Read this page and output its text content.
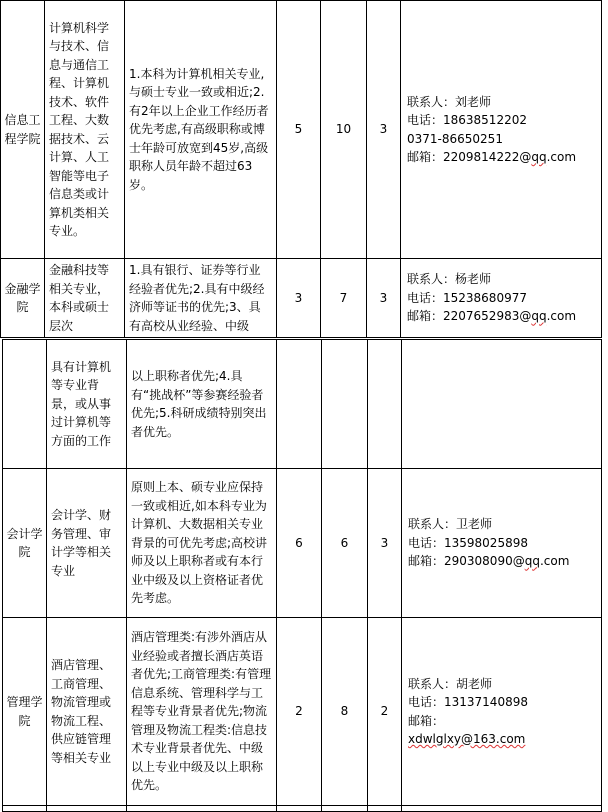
信息工程学院	计算机科学与技术、信息与通信工程、计算机技术、软件工程、大数据技术、云计算、人工智能等电子信息类或计算机类相关专业。	1.本科为计算机相关专业,与硕士专业一致或相近;2.有2年以上企业工作经历者优先考虑,有高级职称或博士年龄可放宽到45岁,高级职称人员年龄不超过63岁。	5	10	3	联系人：刘老师
电话：18638512202
0371-86650251
邮箱：2209814222@qq.com

金融学院	金融科技等相关专业，本科或硕士层次	1.具有银行、证券等行业经验者优先;2.具有中级经济师等证书的优先;3、具有高校从业经验、中级	3	7	3	联系人：杨老师
电话：15238680977
邮箱：2207652983@qq.com
	具有计算机等专业背景，或从事过计算机等方面的工作	以上职称者优先;4.具有“挑战杯”等参赛经验者优先;5.科研成绩特别突出者优先。				
会计学院	会计学、财务管理、审计学等相关专业	原则上本、硕专业应保持一致或相近,如本科专业为计算机、大数据相关专业背景的可优先考虑;高校讲师及以上职称者或有本行业中级及以上资格证者优先考虑。	6	6	3	联系人：卫老师
电话：13598025898
邮箱：290308090@qq.com

管理学院	酒店管理、工商管理、物流管理或物流工程、供应链管理等相关专业	酒店管理类:有涉外酒店从业经验或者擅长酒店英语者优先;工商管理类:有管理信息系统、管理科学与工程等专业背景者优先;物流管理及物流工程类:信息技术专业背景者优先、中级以上专业中级及以上职称优先。	2	8	2	联系人：胡老师
电话：13137140898
邮箱：
xdwlglxy@163.com
